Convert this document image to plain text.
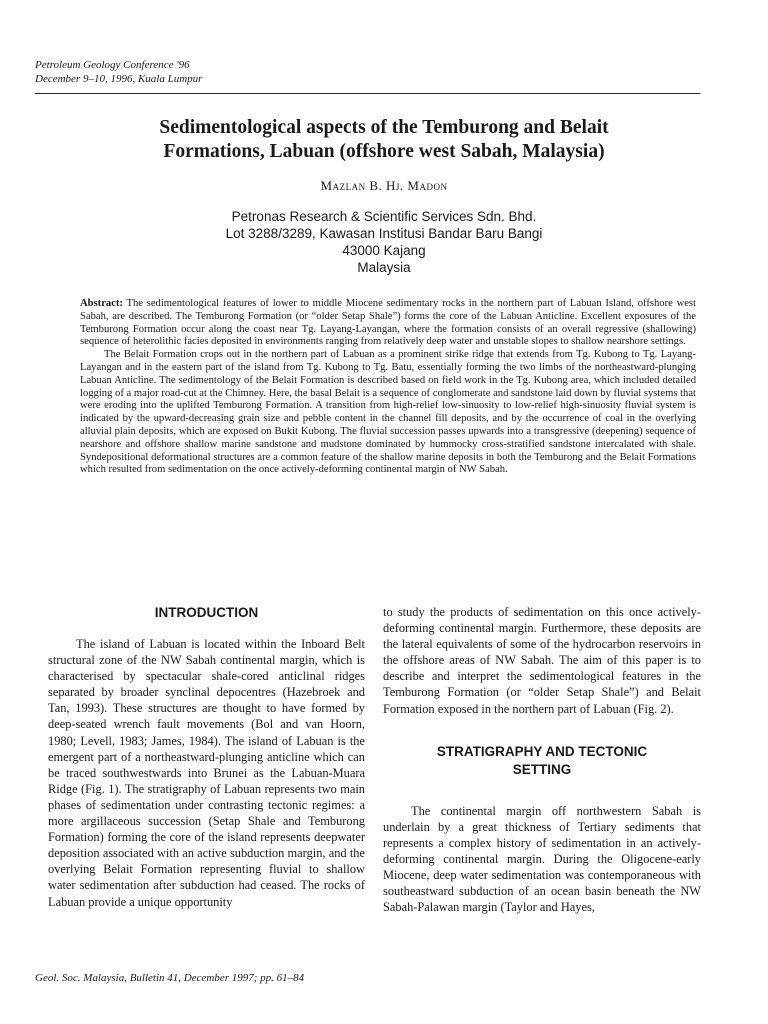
Petroleum Geology Conference '96
December 9–10, 1996, Kuala Lumpur
Sedimentological aspects of the Temburong and Belait
Formations, Labuan (offshore west Sabah, Malaysia)
Mazlan B. Hj. Madon
Petronas Research & Scientific Services Sdn. Bhd.
Lot 3288/3289, Kawasan Institusi Bandar Baru Bangi
43000 Kajang
Malaysia

Abstract: The sedimentological features of lower to middle Miocene sedimentary rocks in the northern part of Labuan Island, offshore west Sabah, are described. The Temburong Formation (or “older Setap Shale”) forms the core of the Labuan Anticline. Excellent exposures of the Temburong Formation occur along the coast near Tg. Layang-Layangan, where the formation consists of an overall regressive (shallowing) sequence of heterolithic facies deposited in environments ranging from relatively deep water and unstable slopes to shallow nearshore settings.

The Belait Formation crops out in the northern part of Labuan as a prominent strike ridge that extends from Tg. Kubong to Tg. Layang-Layangan and in the eastern part of the island from Tg. Kubong to Tg. Batu, essentially forming the two limbs of the northeastward-plunging Labuan Anticline. The sedimentology of the Belait Formation is described based on field work in the Tg. Kubong area, which included detailed logging of a major road-cut at the Chimney. Here, the basal Belait is a sequence of conglomerate and sandstone laid down by fluvial systems that were eroding into the uplifted Temburong Formation. A transition from high-relief low-sinuosity to low-relief high-sinuosity fluvial system is indicated by the upward-decreasing grain size and pebble content in the channel fill deposits, and by the occurrence of coal in the overlying alluvial plain deposits, which are exposed on Bukit Kubong. The fluvial succession passes upwards into a transgressive (deepening) sequence of nearshore and offshore shallow marine sandstone and mudstone dominated by hummocky cross-stratified sandstone intercalated with shale. Syndepositional deformational structures are a common feature of the shallow marine deposits in both the Temburong and the Belait Formations which resulted from sedimentation on the once actively-deforming continental margin of NW Sabah.

INTRODUCTION

The island of Labuan is located within the Inboard Belt structural zone of the NW Sabah continental margin, which is characterised by spectacular shale-cored anticlinal ridges separated by broader synclinal depocentres (Hazebroek and Tan, 1993). These structures are thought to have formed by deep-seated wrench fault movements (Bol and van Hoorn, 1980; Levell, 1983; James, 1984). The island of Labuan is the emergent part of a northeastward-plunging anticline which can be traced southwestwards into Brunei as the Labuan-Muara Ridge (Fig. 1). The stratigraphy of Labuan represents two main phases of sedimentation under contrasting tectonic regimes: a more argillaceous succession (Setap Shale and Temburong Formation) forming the core of the island represents deepwater deposition associated with an active subduction margin, and the overlying Belait Formation representing fluvial to shallow water sedimentation after subduction had ceased. The rocks of Labuan provide a unique opportunity

to study the products of sedimentation on this once actively-deforming continental margin. Furthermore, these deposits are the lateral equivalents of some of the hydrocarbon reservoirs in the offshore areas of NW Sabah. The aim of this paper is to describe and interpret the sedimentological features in the Temburong Formation (or “older Setap Shale”) and Belait Formation exposed in the northern part of Labuan (Fig. 2).

STRATIGRAPHY AND TECTONIC
SETTING

The continental margin off northwestern Sabah is underlain by a great thickness of Tertiary sediments that represents a complex history of sedimentation in an actively-deforming continental margin. During the Oligocene-early Miocene, deep water sedimentation was contemporaneous with southeastward subduction of an ocean basin beneath the NW Sabah-Palawan margin (Taylor and Hayes,

Geol. Soc. Malaysia, Bulletin 41, December 1997; pp. 61–84
